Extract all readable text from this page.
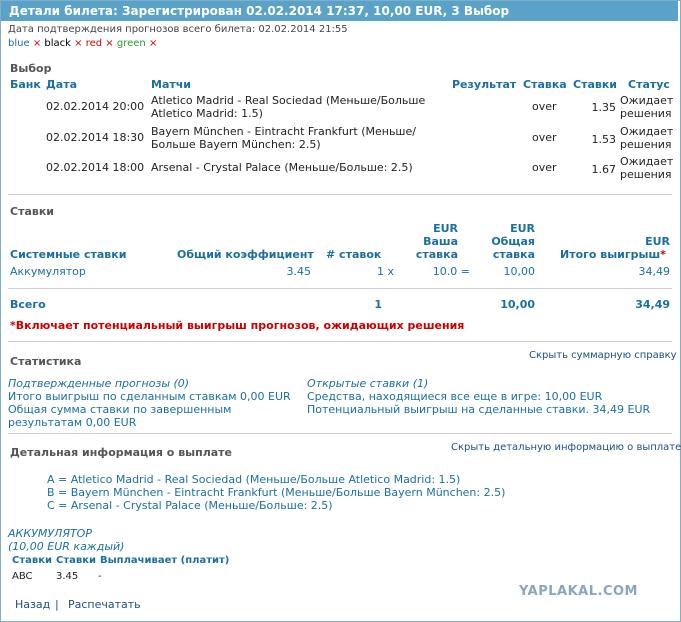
Детали билета: Зарегистрирован 02.02.2014 17:37, 10,00 EUR, 3 Выбор
Дата подтверждения прогнозов всего билета: 02.02.2014 21:55
blue × black × red × green ×
Выбор
Банк Дата	Матчи	Результат Ставка Ставки Статус
02.02.2014 20:00 Atletico Madrid - Real Sociedad (Меньше/Больше
Atletico Madrid: 1.5)
over	1.35
Ожидает
решения
02.02.2014 18:30 Bayern München - Eintracht Frankfurt (Меньше/
Больше Bayern München: 2.5)
over	1.53
Ожидает
решения
02.02.2014 18:00 Arsenal - Crystal Palace (Меньше/Больше: 2.5)	over	1.67
Ожидает
решения
Ставки
EUR
Ваша
ставка
EUR
Общая
ставка
EUR
Системные ставки	Общий коэффициент # ставок	Итого выигрыш*
Аккумулятор	3.45	1 x	10.0 =	10,00	34,49
Всего	1	10,00	34,49
*Включает потенциальный выигрыш прогнозов, ожидающих решения
Статистика	Скрыть суммарную справку
Подтвержденные прогнозы (0)
Итого выигрыш по сделанным ставкам 0,00 EUR
Общая сумма ставки по завершенным
результатам 0,00 EUR
Открытые ставки (1)
Средства, находящиеся все еще в игре: 10,00 EUR
Потенциальный выигрыш на сделанные ставки. 34,49 EUR
Детальная информация о выплате	Скрыть детальную информацию о выплате
A = Atletico Madrid - Real Sociedad (Меньше/Больше Atletico Madrid: 1.5)
B = Bayern München - Eintracht Frankfurt (Меньше/Больше Bayern München: 2.5)
C = Arsenal - Crystal Palace (Меньше/Больше: 2.5)
АККУМУЛЯТОР
(10,00 EUR каждый)
Ставки Ставки Выплачивает (платит)
ABC 3.45 -
YAPLAKAL.COM
Назад | Распечатать
